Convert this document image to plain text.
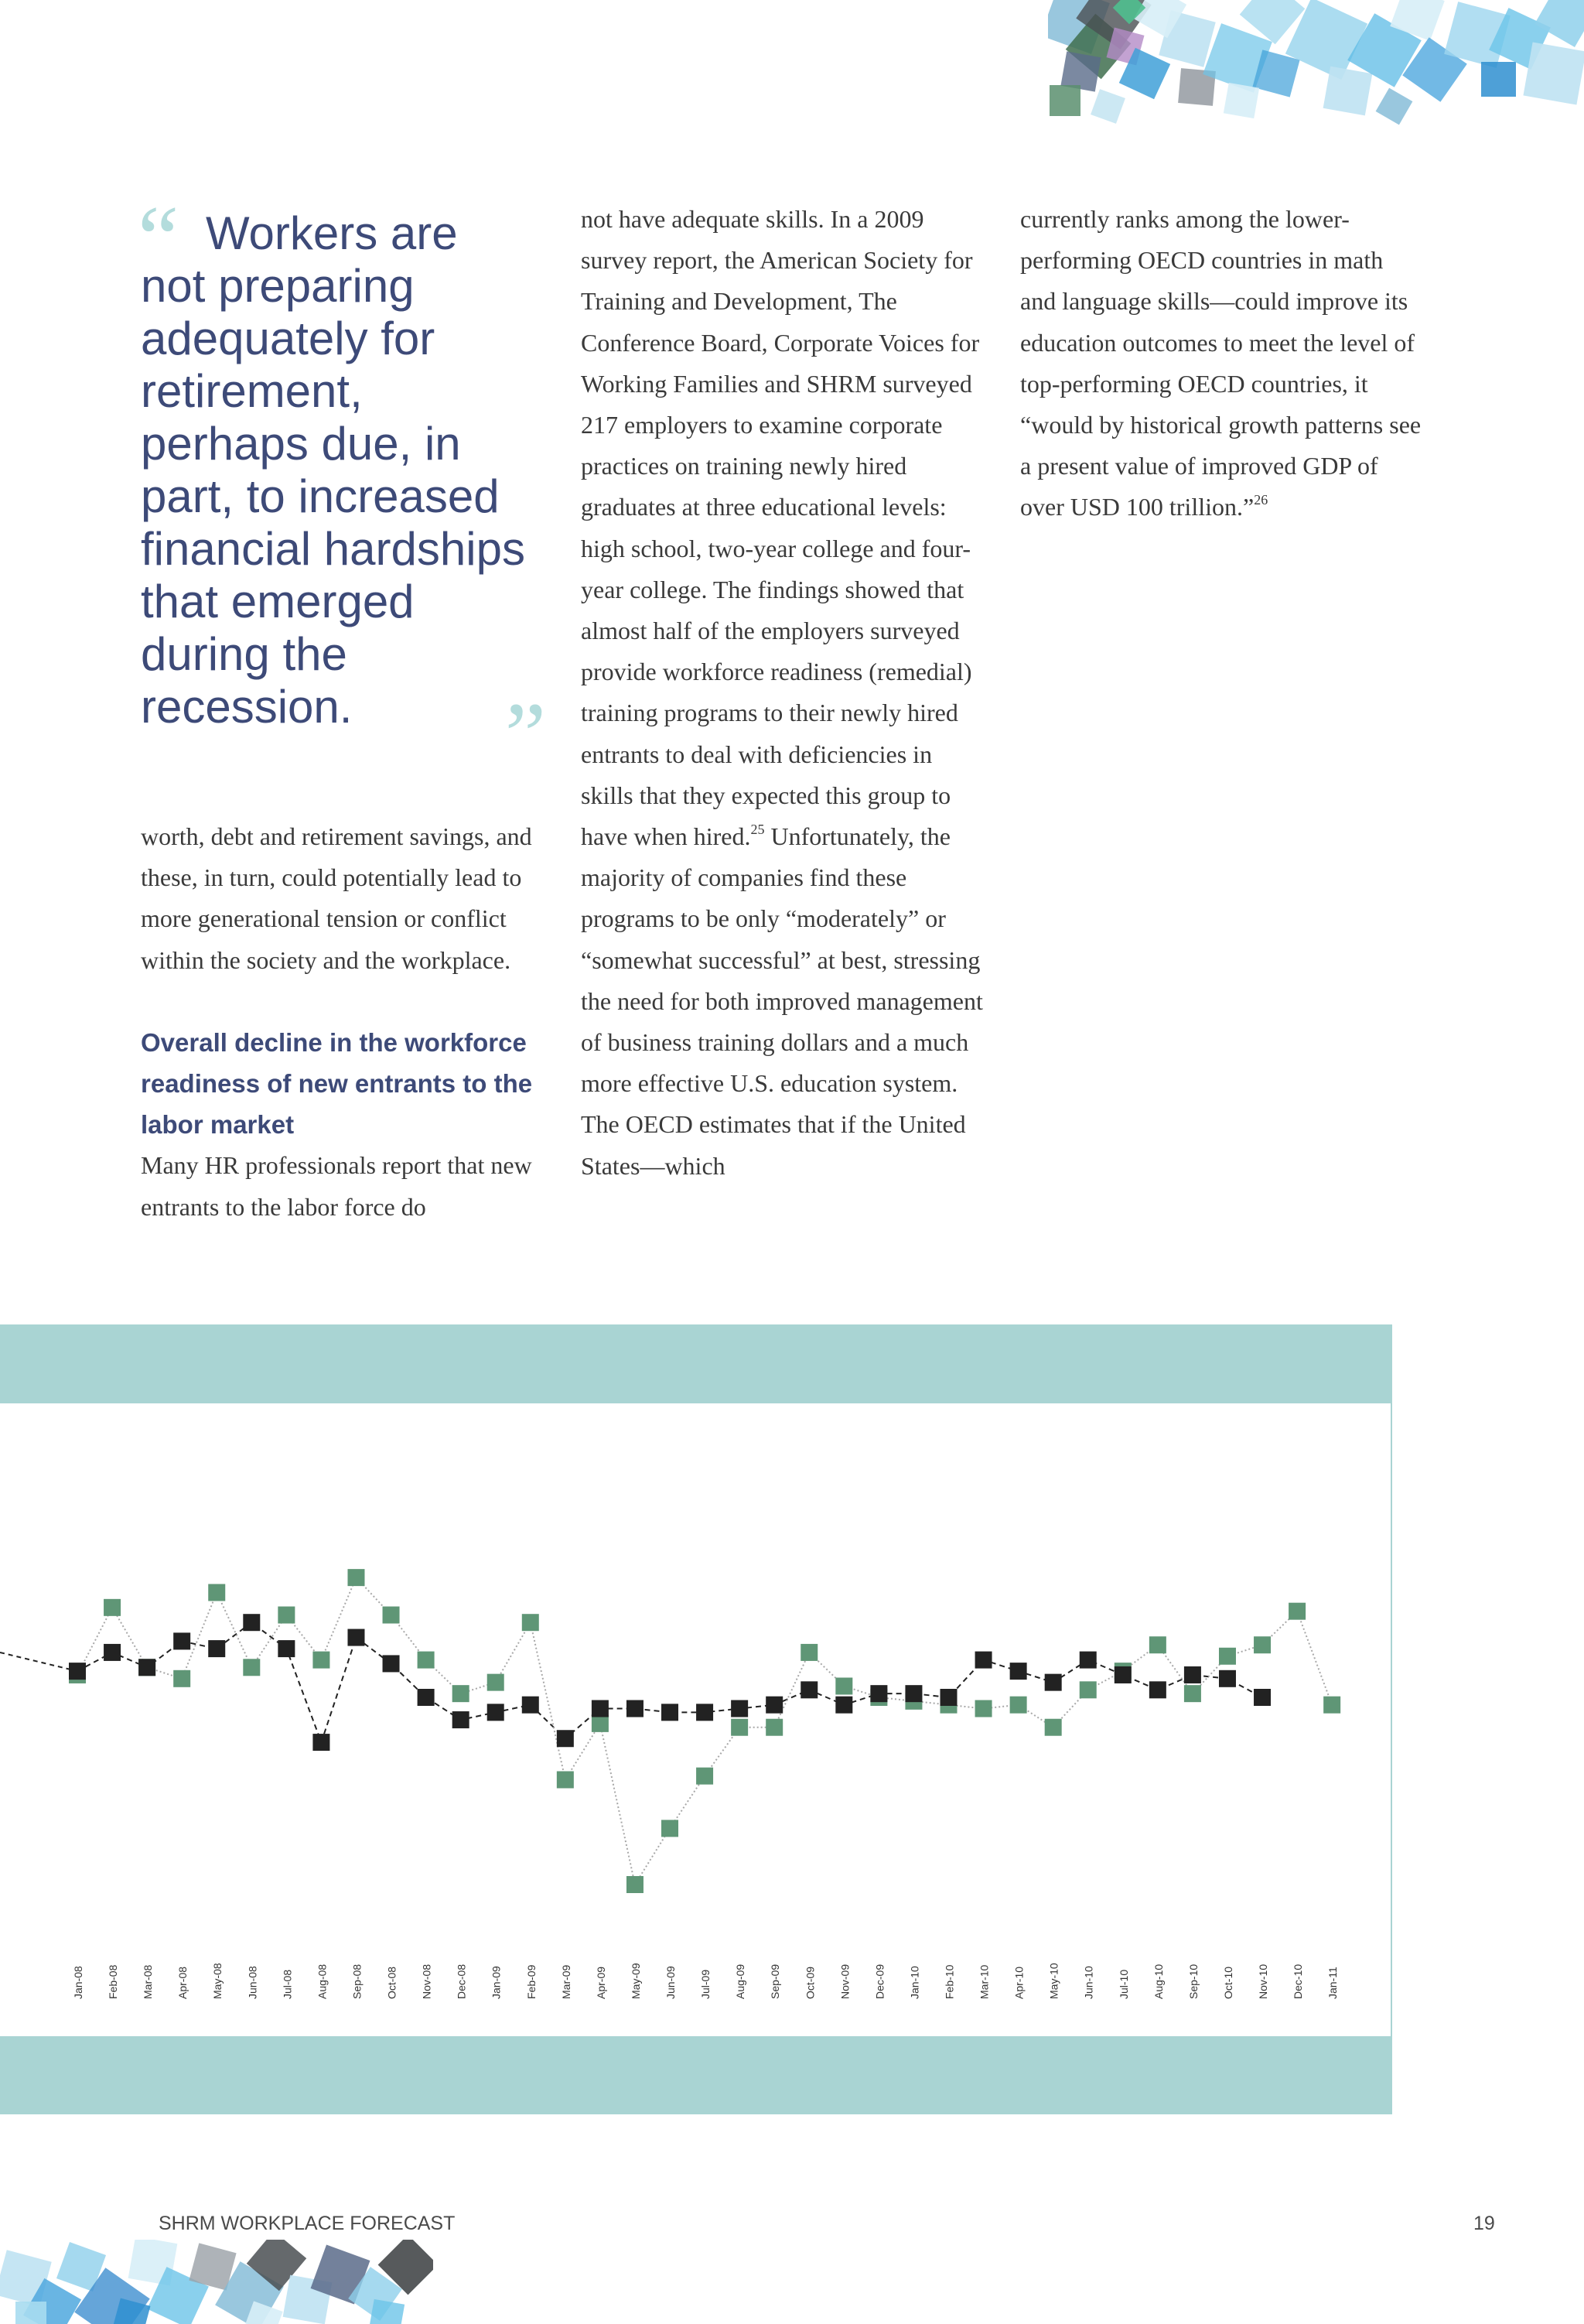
“ Workers are not preparing adequately for retirement, perhaps due, in part, to increased financial hardships that emerged during the recession.	”

worth, debt and retirement savings, and these, in turn, could potentially lead to more generational tension or conflict within the society and the workplace.

Overall decline in the workforce readiness of new entrants to the labor market

Many HR professionals report that new entrants to the labor force do

not have adequate skills. In a 2009 survey report, the American Society for Training and Development, The Conference Board, Corporate Voices for Working Families and SHRM surveyed 217 employers to examine corporate practices on training newly hired graduates at three educational levels: high school, two-year college and four-year college. The findings showed that almost half of the employers surveyed provide workforce readiness (remedial) training programs to their newly hired entrants to deal with deficiencies in skills that they expected this group to have when hired.$^{25}$ Unfortunately, the majority of companies find these programs to be only “moderately” or “somewhat successful” at best, stressing the need for both improved management of business training dollars and a much more effective U.S. education system. The OECD estimates that if the United States—which

currently ranks among the lower-performing OECD countries in math and language skills—could improve its education outcomes to meet the level of top-performing OECD countries, it “would by historical growth patterns see a present value of improved GDP of over USD 100 trillion.”$^{26}$

Jan-08 Feb-08 Mar-08 Apr-08 May-08 Jun-08 Jul-08 Aug-08 Sep-08 Oct-08 Nov-08 Dec-08 Jan-09 Feb-09 Mar-09 Apr-09 May-09 Jun-09 Jul-09 Aug-09 Sep-09 Oct-09 Nov-09 Dec-09 Jan-10 Feb-10 Mar-10 Apr-10 May-10 Jun-10 Jul-10 Aug-10 Sep-10 Oct-10 Nov-10 Dec-10 Jan-11
SHRM WORKPLACE FORECAST	19
